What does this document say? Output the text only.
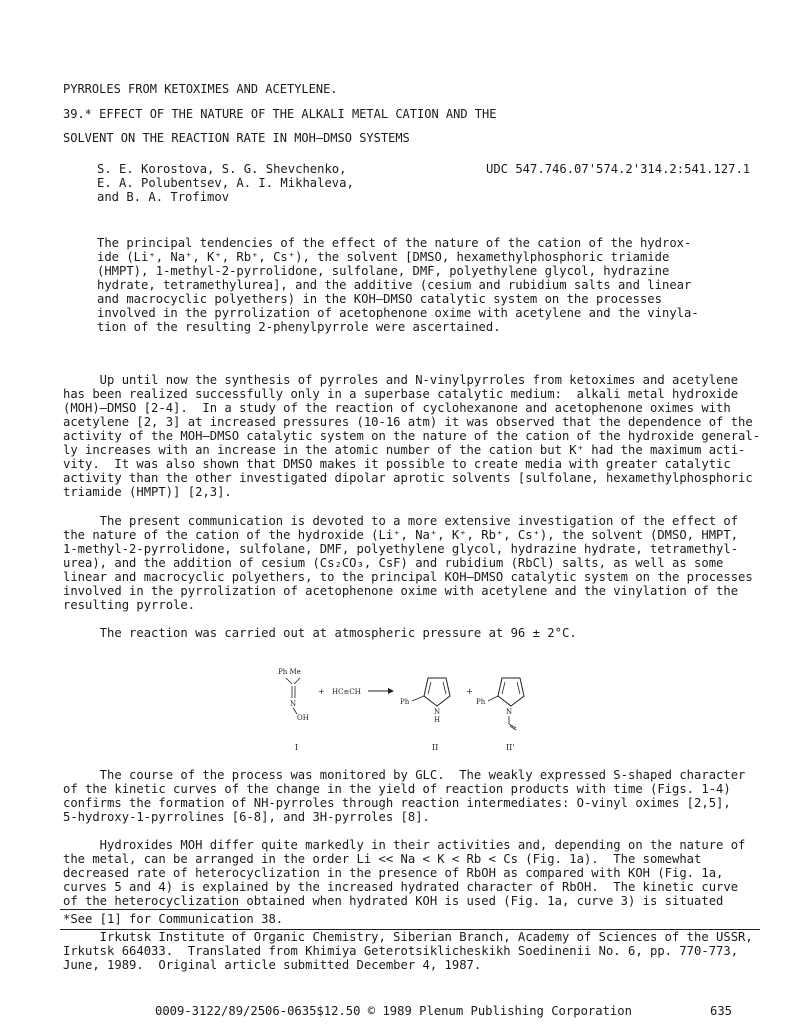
PYRROLES FROM KETOXIMES AND ACETYLENE.
39.* EFFECT OF THE NATURE OF THE ALKALI METAL CATION AND THE
SOLVENT ON THE REACTION RATE IN MOH—DMSO SYSTEMS
S. E. Korostova, S. G. Shevchenko,
E. A. Polubentsev, A. I. Mikhaleva,
and B. A. Trofimov
UDC 547.746.07'574.2'314.2:541.127.1
The principal tendencies of the effect of the nature of the cation of the hydrox-
ide (Li⁺, Na⁺, K⁺, Rb⁺, Cs⁺), the solvent [DMSO, hexamethylphosphoric triamide
(HMPT), 1-methyl-2-pyrrolidone, sulfolane, DMF, polyethylene glycol, hydrazine
hydrate, tetramethylurea], and the additive (cesium and rubidium salts and linear
and macrocyclic polyethers) in the KOH—DMSO catalytic system on the processes
involved in the pyrrolization of acetophenone oxime with acetylene and the vinyla-
tion of the resulting 2-phenylpyrrole were ascertained.
Up until now the synthesis of pyrroles and N-vinylpyrroles from ketoximes and acetylene
has been realized successfully only in a superbase catalytic medium:  alkali metal hydroxide
(MOH)—DMSO [2-4].  In a study of the reaction of cyclohexanone and acetophenone oximes with
acetylene [2, 3] at increased pressures (10-16 atm) it was observed that the dependence of the
activity of the MOH—DMSO catalytic system on the nature of the cation of the hydroxide general-
ly increases with an increase in the atomic number of the cation but K⁺ had the maximum acti-
vity.  It was also shown that DMSO makes it possible to create media with greater catalytic
activity than the other investigated dipolar aprotic solvents [sulfolane, hexamethylphosphoric
triamide (HMPT)] [2,3].
The present communication is devoted to a more extensive investigation of the effect of
the nature of the cation of the hydroxide (Li⁺, Na⁺, K⁺, Rb⁺, Cs⁺), the solvent (DMSO, HMPT,
1-methyl-2-pyrrolidone, sulfolane, DMF, polyethylene glycol, hydrazine hydrate, tetramethyl-
urea), and the addition of cesium (Cs₂CO₃, CsF) and rubidium (RbCl) salts, as well as some
linear and macrocyclic polyethers, to the principal KOH—DMSO catalytic system on the processes
involved in the pyrrolization of acetophenone oxime with acetylene and the vinylation of the
resulting pyrrole.
The reaction was carried out at atmospheric pressure at 96 ± 2°C.
Ph Me
N
OH
+ HC≡CH
Ph
N
H
+
Ph
N
I	II	II'
The course of the process was monitored by GLC.  The weakly expressed S-shaped character
of the kinetic curves of the change in the yield of reaction products with time (Figs. 1-4)
confirms the formation of NH-pyrroles through reaction intermediates: O-vinyl oximes [2,5],
5-hydroxy-1-pyrrolines [6-8], and 3H-pyrroles [8].
Hydroxides MOH differ quite markedly in their activities and, depending on the nature of
the metal, can be arranged in the order Li << Na < K < Rb < Cs (Fig. 1a).  The somewhat
decreased rate of heterocyclization in the presence of RbOH as compared with KOH (Fig. 1a,
curves 5 and 4) is explained by the increased hydrated character of RbOH.  The kinetic curve
of the heterocyclization obtained when hydrated KOH is used (Fig. 1a, curve 3) is situated
*See [1] for Communication 38.
Irkutsk Institute of Organic Chemistry, Siberian Branch, Academy of Sciences of the USSR,
Irkutsk 664033.  Translated from Khimiya Geterotsiklicheskikh Soedinenii No. 6, pp. 770-773,
June, 1989.  Original article submitted December 4, 1987.
0009-3122/89/2506-0635$12.50 © 1989 Plenum Publishing Corporation	635
